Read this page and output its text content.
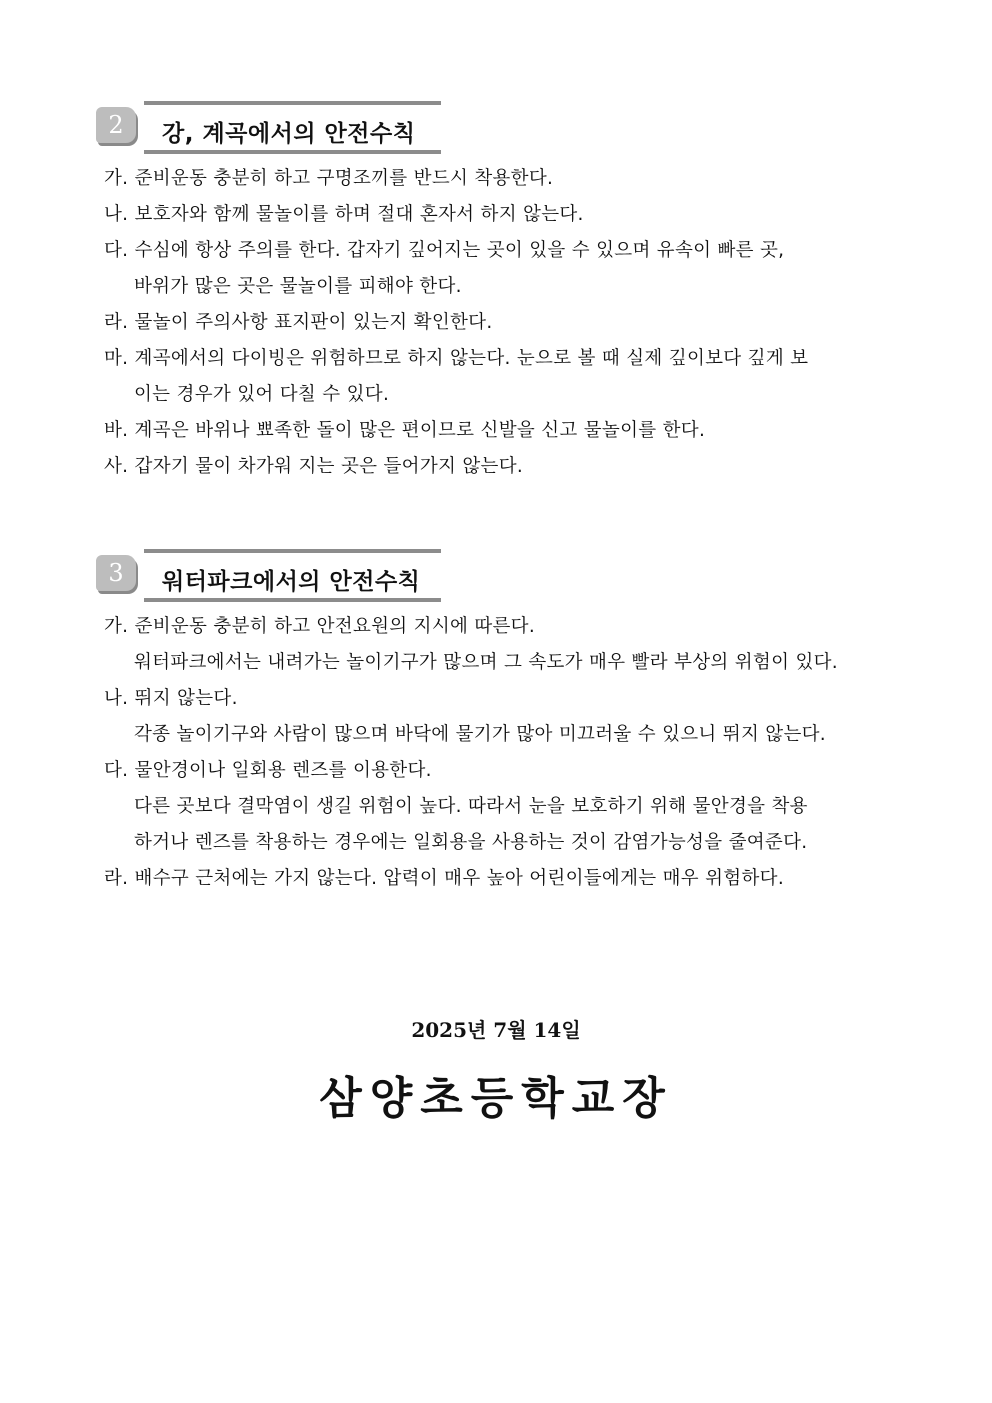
2	강, 계곡에서의 안전수칙
가. 준비운동 충분히 하고 구명조끼를 반드시 착용한다.
나. 보호자와 함께 물놀이를 하며 절대 혼자서 하지 않는다.
다. 수심에 항상 주의를 한다. 갑자기 깊어지는 곳이 있을 수 있으며 유속이 빠른 곳,
바위가 많은 곳은 물놀이를 피해야 한다.
라. 물놀이 주의사항 표지판이 있는지 확인한다.
마. 계곡에서의 다이빙은 위험하므로 하지 않는다. 눈으로 볼 때 실제 깊이보다 깊게 보
이는 경우가 있어 다칠 수 있다.
바. 계곡은 바위나 뾰족한 돌이 많은 편이므로 신발을 신고 물놀이를 한다.
사. 갑자기 물이 차가워 지는 곳은 들어가지 않는다.
3	워터파크에서의 안전수칙
가. 준비운동 충분히 하고 안전요원의 지시에 따른다.
워터파크에서는 내려가는 놀이기구가 많으며 그 속도가 매우 빨라 부상의 위험이 있다.
나. 뛰지 않는다.
각종 놀이기구와 사람이 많으며 바닥에 물기가 많아 미끄러울 수 있으니 뛰지 않는다.
다. 물안경이나 일회용 렌즈를 이용한다.
다른 곳보다 결막염이 생길 위험이 높다. 따라서 눈을 보호하기 위해 물안경을 착용
하거나 렌즈를 착용하는 경우에는 일회용을 사용하는 것이 감염가능성을 줄여준다.
라. 배수구 근처에는 가지 않는다. 압력이 매우 높아 어린이들에게는 매우 위험하다.
2025년 7월 14일
삼양초등학교장
